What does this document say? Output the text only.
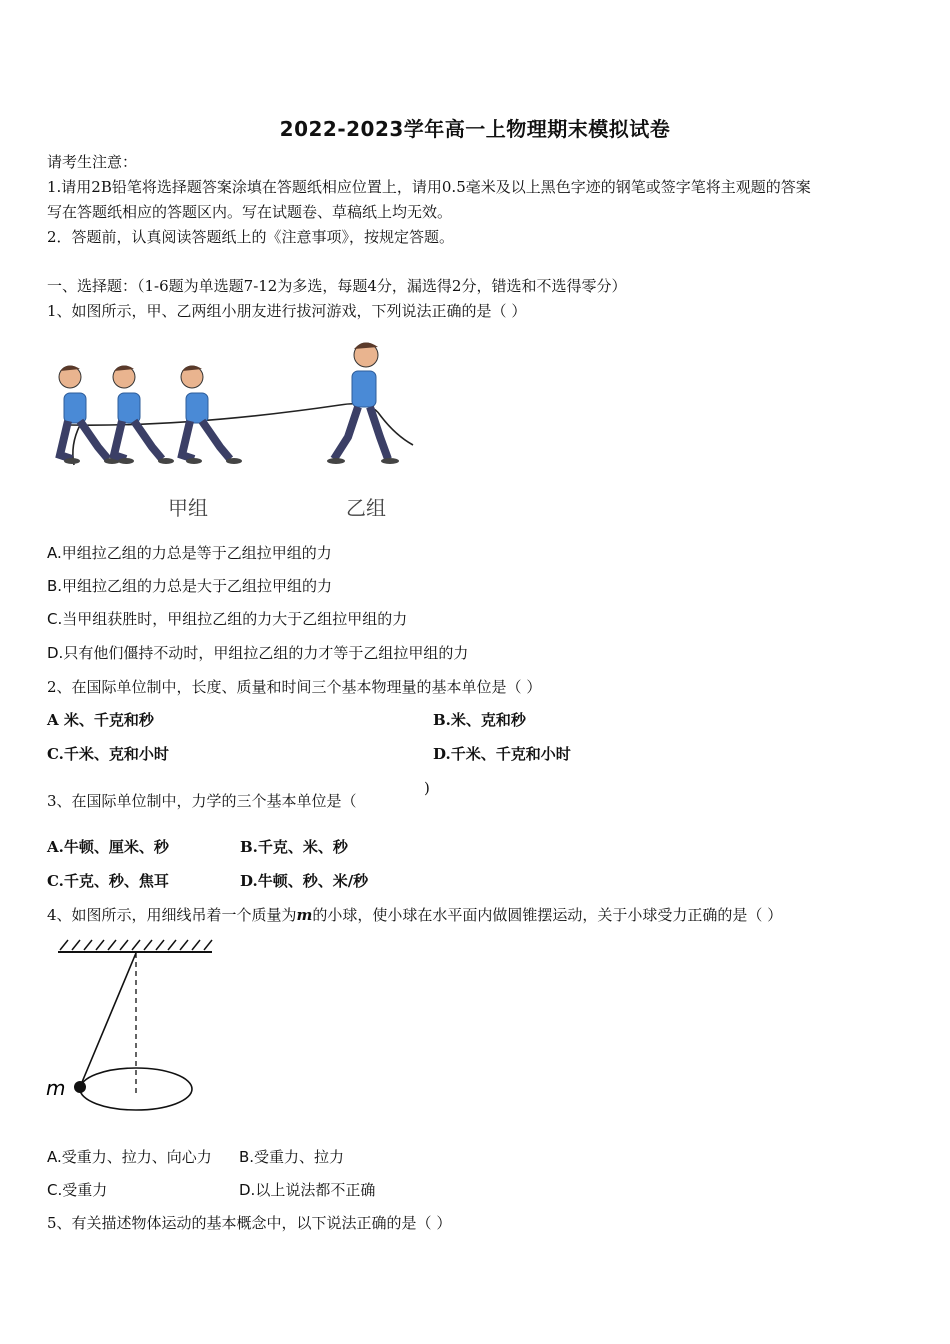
2022-2023学年高一上物理期末模拟试卷
请考生注意：
1.请用2B铅笔将选择题答案涂填在答题纸相应位置上，请用0.5毫米及以上黑色字迹的钢笔或签字笔将主观题的答案
写在答题纸相应的答题区内。写在试题卷、草稿纸上均无效。
2．答题前，认真阅读答题纸上的《注意事项》，按规定答题。
一、选择题：（1-6题为单选题7-12为多选，每题4分，漏选得2分，错选和不选得零分）
1、如图所示，甲、乙两组小朋友进行拔河游戏，下列说法正确的是（ ）
甲组	乙组
A.甲组拉乙组的力总是等于乙组拉甲组的力
B.甲组拉乙组的力总是大于乙组拉甲组的力
C.当甲组获胜时，甲组拉乙组的力大于乙组拉甲组的力
D.只有他们僵持不动时，甲组拉乙组的力才等于乙组拉甲组的力
2、在国际单位制中，长度、质量和时间三个基本物理量的基本单位是（ ）
A 米、千克和秒	B.米、克和秒
C.千米、克和小时	D.千米、千克和小时
3、在国际单位制中，力学的三个基本单位是（
)
A.牛顿、厘米、秒	B.千克、米、秒
C.千克、秒、焦耳	D.牛顿、秒、米/秒
4、如图所示，用细线吊着一个质量为m的小球，使小球在水平面内做圆锥摆运动，关于小球受力正确的是（ ）
m
A.受重力、拉力、向心力 B.受重力、拉力
C.受重力	D.以上说法都不正确
5、有关描述物体运动的基本概念中，以下说法正确的是（ ）
